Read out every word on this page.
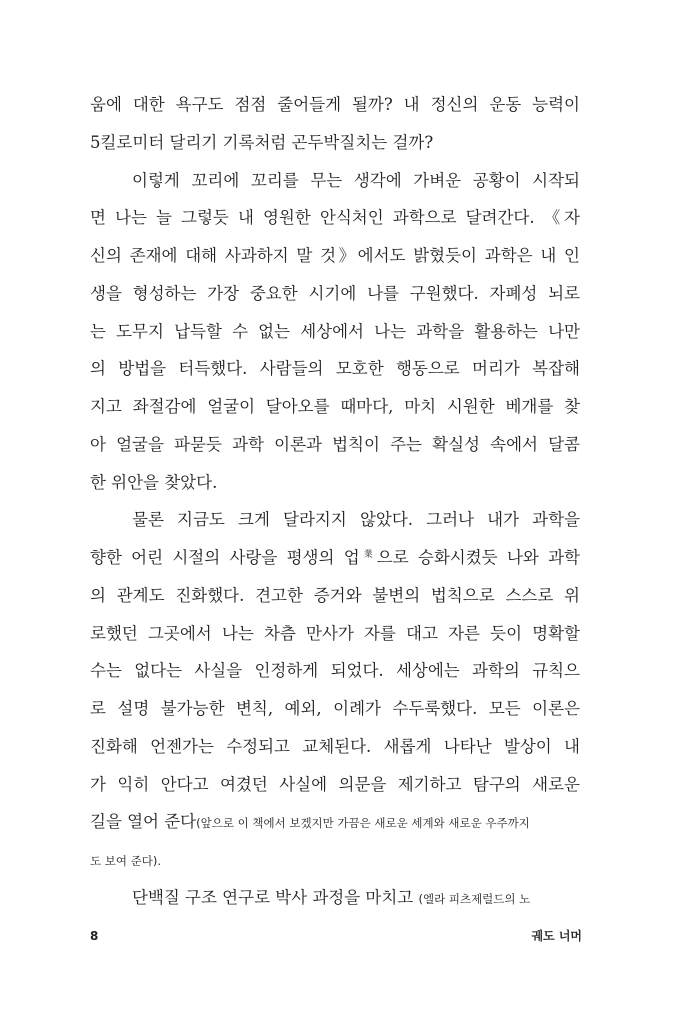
움에 대한 욕구도 점점 줄어들게 될까? 내 정신의 운동 능력이
5킬로미터 달리기 기록처럼 곤두박질치는 걸까?
이렇게 꼬리에 꼬리를 무는 생각에 가벼운 공황이 시작되
면 나는 늘 그렇듯 내 영원한 안식처인 과학으로 달려간다. 《자
신의 존재에 대해 사과하지 말 것》에서도 밝혔듯이 과학은 내 인
생을 형성하는 가장 중요한 시기에 나를 구원했다. 자폐성 뇌로
는 도무지 납득할 수 없는 세상에서 나는 과학을 활용하는 나만
의 방법을 터득했다. 사람들의 모호한 행동으로 머리가 복잡해
지고 좌절감에 얼굴이 달아오를 때마다, 마치 시원한 베개를 찾
아 얼굴을 파묻듯 과학 이론과 법칙이 주는 확실성 속에서 달콤
한 위안을 찾았다.
물론 지금도 크게 달라지지 않았다. 그러나 내가 과학을
향한 어린 시절의 사랑을 평생의 업$^業$으로 승화시켰듯 나와 과학
의 관계도 진화했다. 견고한 증거와 불변의 법칙으로 스스로 위
로했던 그곳에서 나는 차츰 만사가 자를 대고 자른 듯이 명확할
수는 없다는 사실을 인정하게 되었다. 세상에는 과학의 규칙으
로 설명 불가능한 변칙, 예외, 이례가 수두룩했다. 모든 이론은
진화해 언젠가는 수정되고 교체된다. 새롭게 나타난 발상이 내
가 익히 안다고 여겼던 사실에 의문을 제기하고 탐구의 새로운
길을 열어 준다(앞으로 이 책에서 보겠지만 가끔은 새로운 세계와 새로운 우주까지
도 보여 준다).
단백질 구조 연구로 박사 과정을 마치고 (엘라 피츠제럴드의 노
8	궤도 너머
